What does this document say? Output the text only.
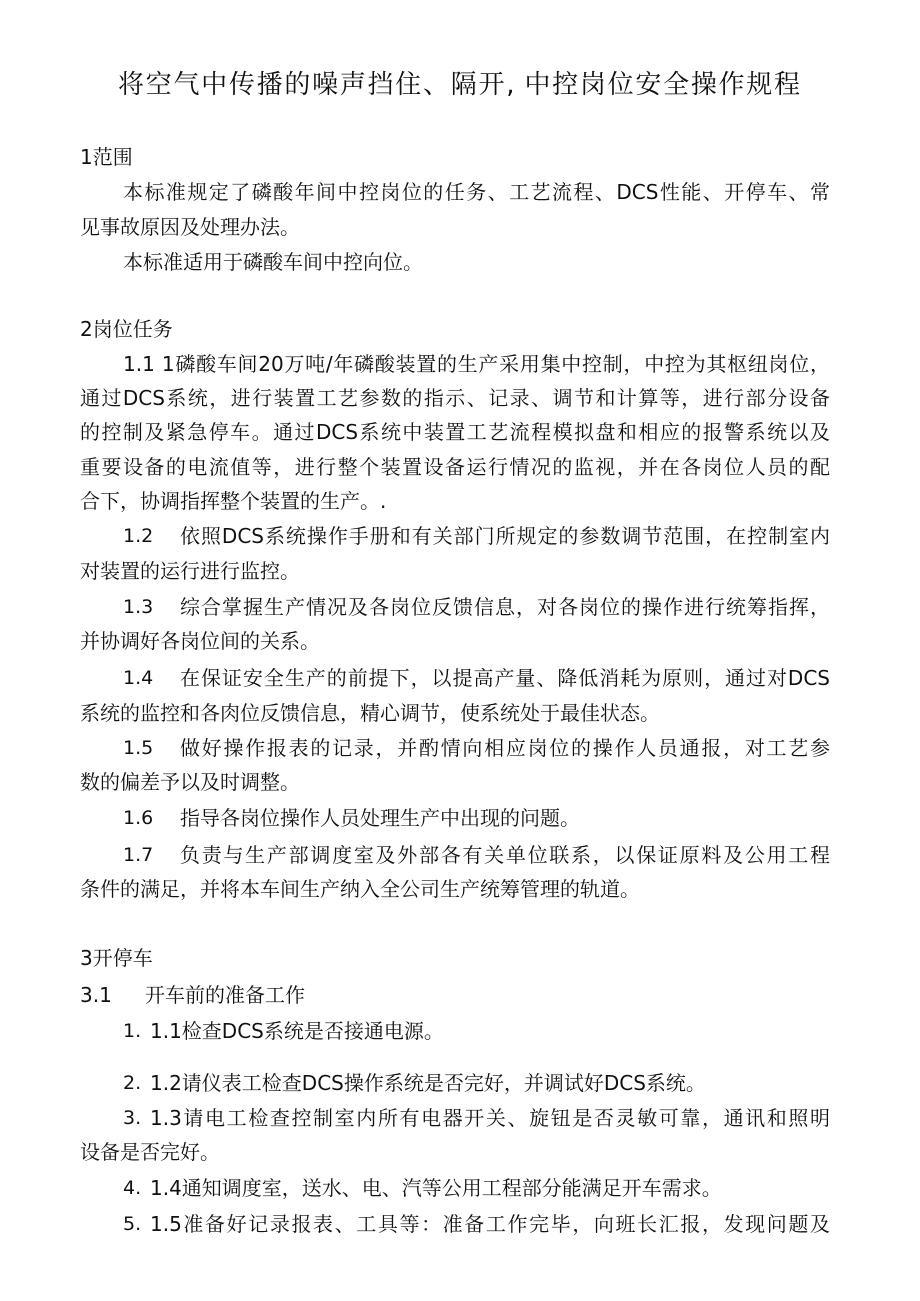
将空气中传播的噪声挡住、隔开, 中控岗位安全操作规程
1范围
本标准规定了磷酸年间中控岗位的任务、工艺流程、DCS性能、开停车、常
见事故原因及处理办法。
本标准适用于磷酸车间中控向位。
2岗位任务
1.1 1磷酸车间20万吨/年磷酸装置的生产采用集中控制，中控为其枢纽岗位，
通过DCS系统，进行装置工艺参数的指示、记录、调节和计算等，进行部分设备
的控制及紧急停车。通过DCS系统中装置工艺流程模拟盘和相应的报警系统以及
重要设备的电流值等，进行整个装置设备运行情况的监视，并在各岗位人员的配
合下，协调指挥整个装置的生产。.
1.2 依照DCS系统操作手册和有关部门所规定的参数调节范围，在控制室内
对装置的运行进行监控。
1.3 综合掌握生产情况及各岗位反馈信息，对各岗位的操作进行统筹指挥，
并协调好各岗位间的关系。
1.4 在保证安全生产的前提下，以提高产量、降低消耗为原则，通过对DCS
系统的监控和各肉位反馈信息，精心调节，使系统处于最佳状态。
1.5 做好操作报表的记录，并酌情向相应岗位的操作人员通报，对工艺参
数的偏差予以及时调整。
1.6 指导各岗位操作人员处理生产中出现的问题。
1.7 负责与生产部调度室及外部各有关单位联系，以保证原料及公用工程
条件的满足，并将本车间生产纳入全公司生产统筹管理的轨道。
3开停车
3.1 开车前的准备工作
1. 1.1检查DCS系统是否接通电源。
2. 1.2请仪表工检查DCS操作系统是否完好，并调试好DCS系统。
3. 1.3请电工检查控制室内所有电器开关、旋钮是否灵敏可靠，通讯和照明
设备是否完好。
4. 1.4通知调度室，送水、电、汽等公用工程部分能满足开车需求。
5. 1.5准备好记录报表、工具等：准备工作完毕，向班长汇报，发现问题及
